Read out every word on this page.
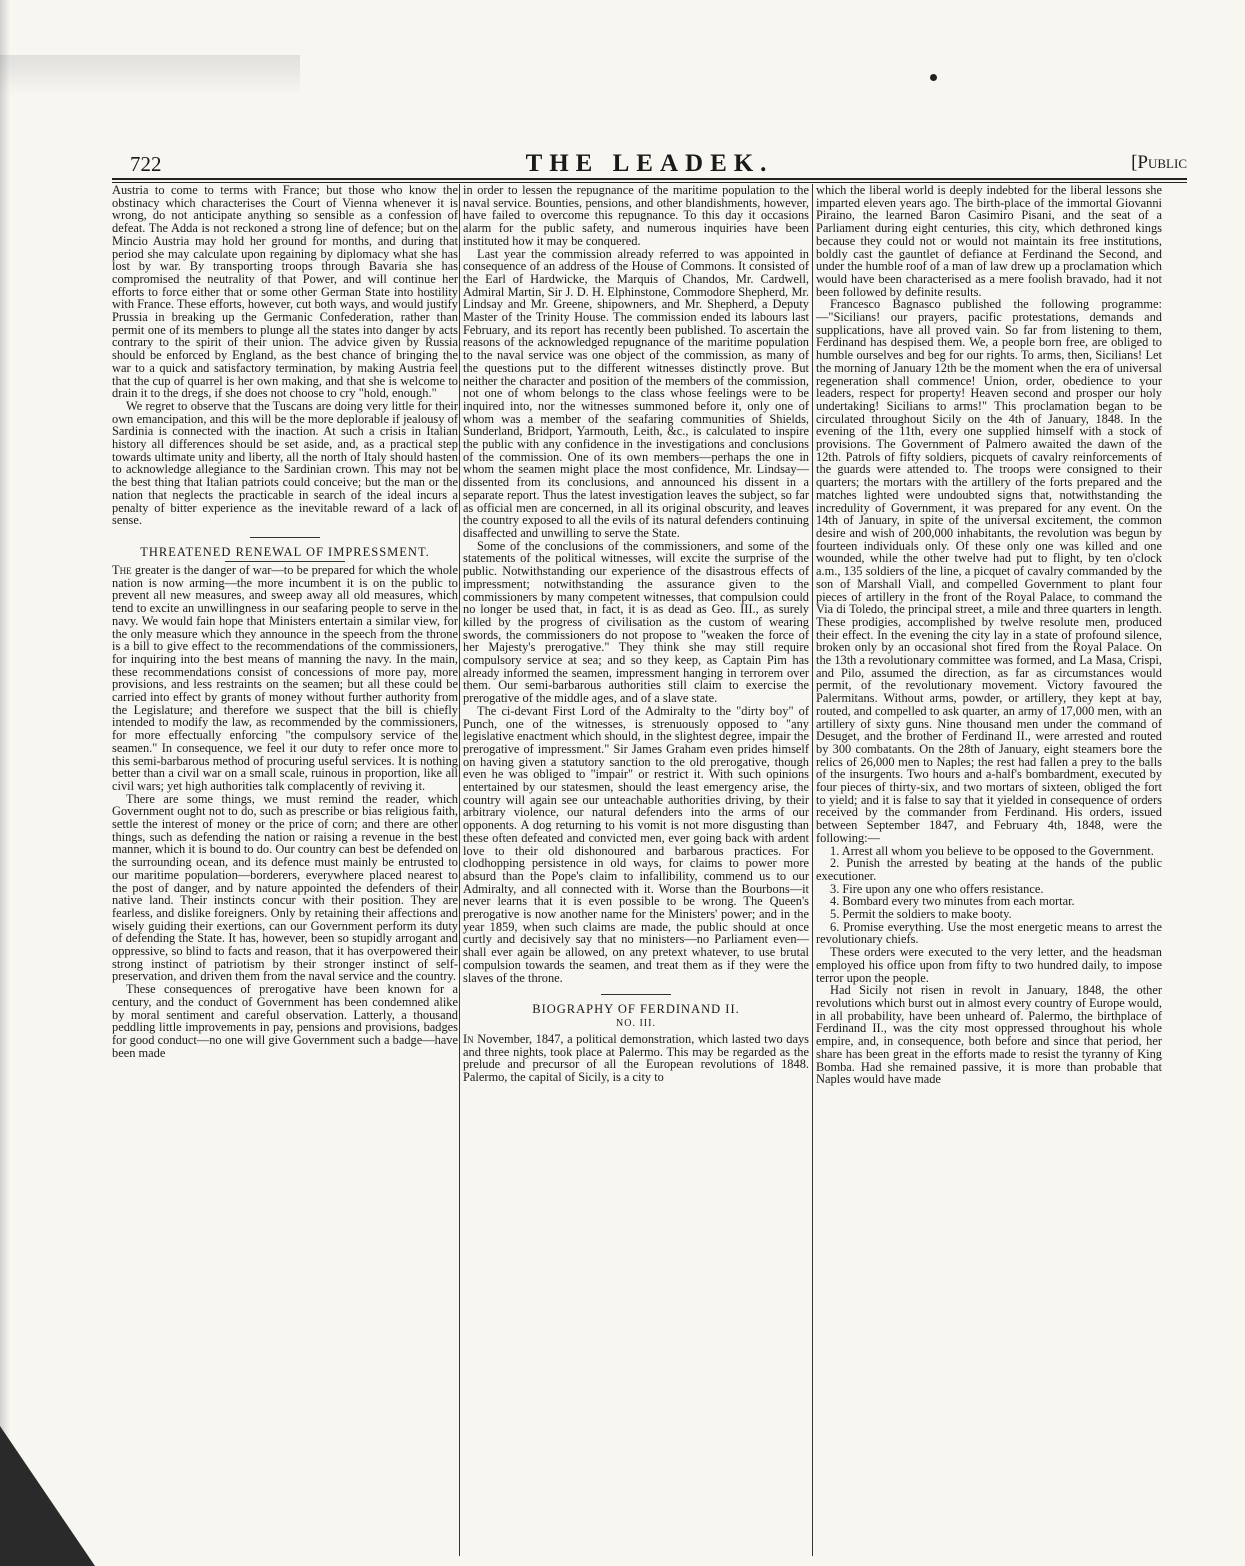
722	THE LEADEK.	[Public

Austria to come to terms with France; but those who know the obstinacy which characterises the Court of Vienna whenever it is wrong, do not anticipate anything so sensible as a confession of defeat. The Adda is not reckoned a strong line of defence; but on the Mincio Austria may hold her ground for months, and during that period she may calculate upon regaining by diplomacy what she has lost by war. By transporting troops through Bavaria she has compromised the neutrality of that Power, and will continue her efforts to force either that or some other German State into hostility with France. These efforts, however, cut both ways, and would justify Prussia in breaking up the Germanic Confederation, rather than permit one of its members to plunge all the states into danger by acts contrary to the spirit of their union. The advice given by Russia should be enforced by England, as the best chance of bringing the war to a quick and satisfactory termination, by making Austria feel that the cup of quarrel is her own making, and that she is welcome to drain it to the dregs, if she does not choose to cry "hold, enough."

We regret to observe that the Tuscans are doing very little for their own emancipation, and this will be the more deplorable if jealousy of Sardinia is connected with the inaction. At such a crisis in Italian history all differences should be set aside, and, as a practical step towards ultimate unity and liberty, all the north of Italy should hasten to acknowledge allegiance to the Sardinian crown. This may not be the best thing that Italian patriots could conceive; but the man or the nation that neglects the practicable in search of the ideal incurs a penalty of bitter experience as the inevitable reward of a lack of sense.

THREATENED RENEWAL OF IMPRESSMENT.

The greater is the danger of war—to be prepared for which the whole nation is now arming—the more incumbent it is on the public to prevent all new measures, and sweep away all old measures, which tend to excite an unwillingness in our seafaring people to serve in the navy. We would fain hope that Ministers entertain a similar view, for the only measure which they announce in the speech from the throne is a bill to give effect to the recommendations of the commissioners, for inquiring into the best means of manning the navy. In the main, these recommendations consist of concessions of more pay, more provisions, and less restraints on the seamen; but all these could be carried into effect by grants of money without further authority from the Legislature; and therefore we suspect that the bill is chiefly intended to modify the law, as recommended by the commissioners, for more effectually enforcing "the compulsory service of the seamen." In consequence, we feel it our duty to refer once more to this semi-barbarous method of procuring useful services. It is nothing better than a civil war on a small scale, ruinous in proportion, like all civil wars; yet high authorities talk complacently of reviving it.

There are some things, we must remind the reader, which Government ought not to do, such as prescribe or bias religious faith, settle the interest of money or the price of corn; and there are other things, such as defending the nation or raising a revenue in the best manner, which it is bound to do. Our country can best be defended on the surrounding ocean, and its defence must mainly be entrusted to our maritime population—borderers, everywhere placed nearest to the post of danger, and by nature appointed the defenders of their native land. Their instincts concur with their position. They are fearless, and dislike foreigners. Only by retaining their affections and wisely guiding their exertions, can our Government perform its duty of defending the State. It has, however, been so stupidly arrogant and oppressive, so blind to facts and reason, that it has overpowered their strong instinct of patriotism by their stronger instinct of self-preservation, and driven them from the naval service and the country.

These consequences of prerogative have been known for a century, and the conduct of Government has been condemned alike by moral sentiment and careful observation. Latterly, a thousand peddling little improvements in pay, pensions and provisions, badges for good conduct—no one will give Government such a badge—have been made

in order to lessen the repugnance of the maritime population to the naval service. Bounties, pensions, and other blandishments, however, have failed to overcome this repugnance. To this day it occasions alarm for the public safety, and numerous inquiries have been instituted how it may be conquered.

Last year the commission already referred to was appointed in consequence of an address of the House of Commons. It consisted of the Earl of Hardwicke, the Marquis of Chandos, Mr. Cardwell, Admiral Martin, Sir J. D. H. Elphinstone, Commodore Shepherd, Mr. Lindsay and Mr. Greene, shipowners, and Mr. Shepherd, a Deputy Master of the Trinity House. The commission ended its labours last February, and its report has recently been published. To ascertain the reasons of the acknowledged repugnance of the maritime population to the naval service was one object of the commission, as many of the questions put to the different witnesses distinctly prove. But neither the character and position of the members of the commission, not one of whom belongs to the class whose feelings were to be inquired into, nor the witnesses summoned before it, only one of whom was a member of the seafaring communities of Shields, Sunderland, Bridport, Yarmouth, Leith, &c., is calculated to inspire the public with any confidence in the investigations and conclusions of the commission. One of its own members—perhaps the one in whom the seamen might place the most confidence, Mr. Lindsay—dissented from its conclusions, and announced his dissent in a separate report. Thus the latest investigation leaves the subject, so far as official men are concerned, in all its original obscurity, and leaves the country exposed to all the evils of its natural defenders continuing disaffected and unwilling to serve the State.

Some of the conclusions of the commissioners, and some of the statements of the political witnesses, will excite the surprise of the public. Notwithstanding our experience of the disastrous effects of impressment; notwithstanding the assurance given to the commissioners by many competent witnesses, that compulsion could no longer be used that, in fact, it is as dead as Geo. III., as surely killed by the progress of civilisation as the custom of wearing swords, the commissioners do not propose to "weaken the force of her Majesty's prerogative." They think she may still require compulsory service at sea; and so they keep, as Captain Pim has already informed the seamen, impressment hanging in terrorem over them. Our semi-barbarous authorities still claim to exercise the prerogative of the middle ages, and of a slave state.

The ci-devant First Lord of the Admiralty to the "dirty boy" of Punch, one of the witnesses, is strenuously opposed to "any legislative enactment which should, in the slightest degree, impair the prerogative of impressment." Sir James Graham even prides himself on having given a statutory sanction to the old prerogative, though even he was obliged to "impair" or restrict it. With such opinions entertained by our statesmen, should the least emergency arise, the country will again see our unteachable authorities driving, by their arbitrary violence, our natural defenders into the arms of our opponents. A dog returning to his vomit is not more disgusting than these often defeated and convicted men, ever going back with ardent love to their old dishonoured and barbarous practices. For clodhopping persistence in old ways, for claims to power more absurd than the Pope's claim to infallibility, commend us to our Admiralty, and all connected with it. Worse than the Bourbons—it never learns that it is even possible to be wrong. The Queen's prerogative is now another name for the Ministers' power; and in the year 1859, when such claims are made, the public should at once curtly and decisively say that no ministers—no Parliament even—shall ever again be allowed, on any pretext whatever, to use brutal compulsion towards the seamen, and treat them as if they were the slaves of the throne.

BIOGRAPHY OF FERDINAND II.
NO. III.

In November, 1847, a political demonstration, which lasted two days and three nights, took place at Palermo. This may be regarded as the prelude and precursor of all the European revolutions of 1848. Palermo, the capital of Sicily, is a city to

which the liberal world is deeply indebted for the liberal lessons she imparted eleven years ago. The birth-place of the immortal Giovanni Piraino, the learned Baron Casimiro Pisani, and the seat of a Parliament during eight centuries, this city, which dethroned kings because they could not or would not maintain its free institutions, boldly cast the gauntlet of defiance at Ferdinand the Second, and under the humble roof of a man of law drew up a proclamation which would have been characterised as a mere foolish bravado, had it not been followed by definite results.

Francesco Bagnasco published the following programme:—"Sicilians! our prayers, pacific protestations, demands and supplications, have all proved vain. So far from listening to them, Ferdinand has despised them. We, a people born free, are obliged to humble ourselves and beg for our rights. To arms, then, Sicilians! Let the morning of January 12th be the moment when the era of universal regeneration shall commence! Union, order, obedience to your leaders, respect for property! Heaven second and prosper our holy undertaking! Sicilians to arms!" This proclamation began to be circulated throughout Sicily on the 4th of January, 1848. In the evening of the 11th, every one supplied himself with a stock of provisions. The Government of Palmero awaited the dawn of the 12th. Patrols of fifty soldiers, picquets of cavalry reinforcements of the guards were attended to. The troops were consigned to their quarters; the mortars with the artillery of the forts prepared and the matches lighted were undoubted signs that, notwithstanding the incredulity of Government, it was prepared for any event. On the 14th of January, in spite of the universal excitement, the common desire and wish of 200,000 inhabitants, the revolution was begun by fourteen individuals only. Of these only one was killed and one wounded, while the other twelve had put to flight, by ten o'clock a.m., 135 soldiers of the line, a picquet of cavalry commanded by the son of Marshall Viall, and compelled Government to plant four pieces of artillery in the front of the Royal Palace, to command the Via di Toledo, the principal street, a mile and three quarters in length. These prodigies, accomplished by twelve resolute men, produced their effect. In the evening the city lay in a state of profound silence, broken only by an occasional shot fired from the Royal Palace. On the 13th a revolutionary committee was formed, and La Masa, Crispi, and Pilo, assumed the direction, as far as circumstances would permit, of the revolutionary movement. Victory favoured the Palermitans. Without arms, powder, or artillery, they kept at bay, routed, and compelled to ask quarter, an army of 17,000 men, with an artillery of sixty guns. Nine thousand men under the command of Desuget, and the brother of Ferdinand II., were arrested and routed by 300 combatants. On the 28th of January, eight steamers bore the relics of 26,000 men to Naples; the rest had fallen a prey to the balls of the insurgents. Two hours and a-half's bombardment, executed by four pieces of thirty-six, and two mortars of sixteen, obliged the fort to yield; and it is false to say that it yielded in consequence of orders received by the commander from Ferdinand. His orders, issued between September 1847, and February 4th, 1848, were the following:—

1. Arrest all whom you believe to be opposed to the Government.

2. Punish the arrested by beating at the hands of the public executioner.

3. Fire upon any one who offers resistance.

4. Bombard every two minutes from each mortar.

5. Permit the soldiers to make booty.

6. Promise everything. Use the most energetic means to arrest the revolutionary chiefs.

These orders were executed to the very letter, and the headsman employed his office upon from fifty to two hundred daily, to impose terror upon the people.

Had Sicily not risen in revolt in January, 1848, the other revolutions which burst out in almost every country of Europe would, in all probability, have been unheard of. Palermo, the birthplace of Ferdinand II., was the city most oppressed throughout his whole empire, and, in consequence, both before and since that period, her share has been great in the efforts made to resist the tyranny of King Bomba. Had she remained passive, it is more than probable that Naples would have made
